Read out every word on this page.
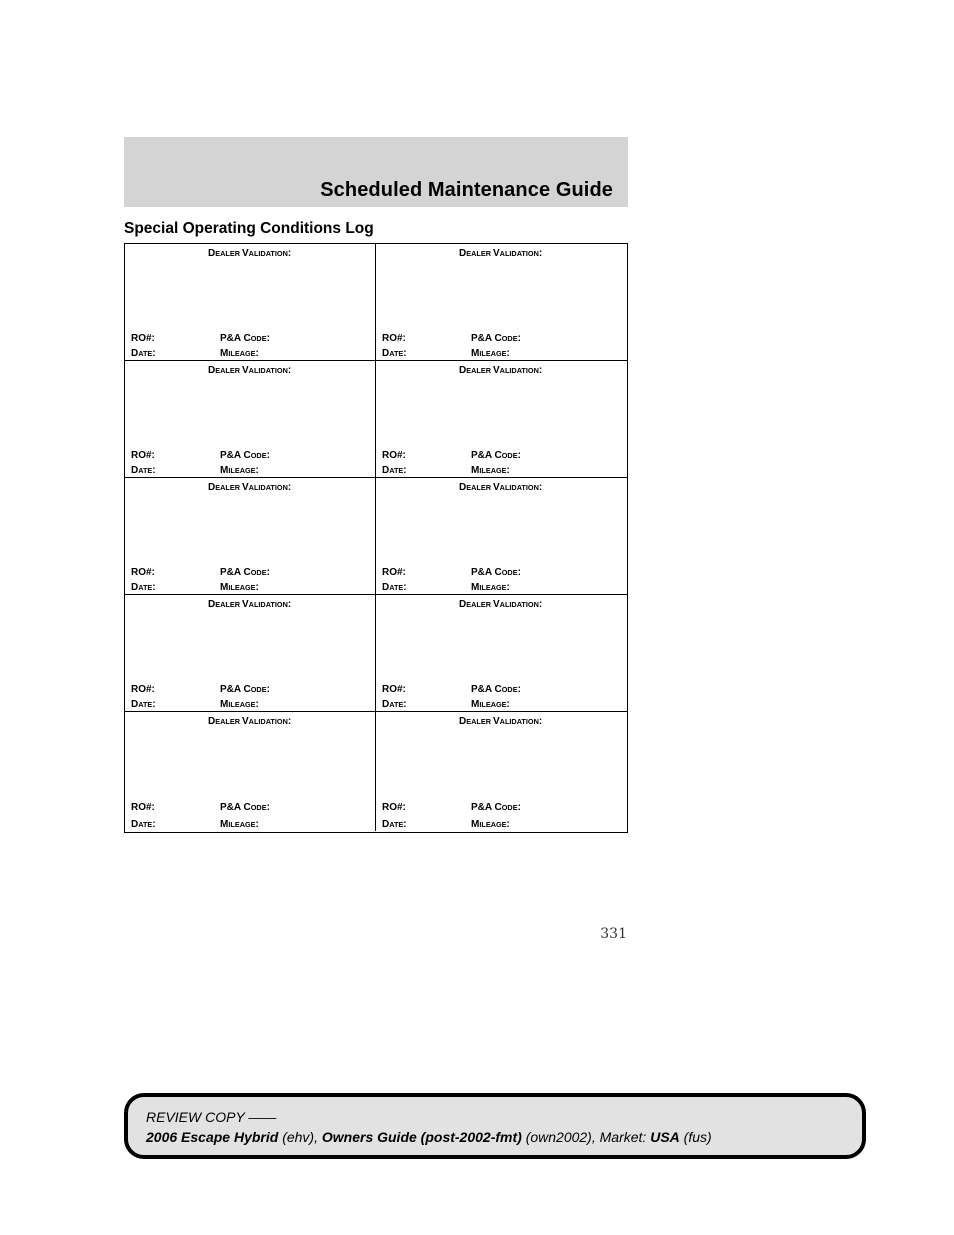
Scheduled Maintenance Guide
Special Operating Conditions Log
DEALER VALIDATION:
RO#:	P&A CODE:
DATE:	MILEAGE:
DEALER VALIDATION:
RO#:	P&A CODE:
DATE:	MILEAGE:
DEALER VALIDATION:
RO#:	P&A CODE:
DATE:	MILEAGE:
DEALER VALIDATION:
RO#:	P&A CODE:
DATE:	MILEAGE:
DEALER VALIDATION:
RO#:	P&A CODE:
DATE:	MILEAGE:
DEALER VALIDATION:
RO#:	P&A CODE:
DATE:	MILEAGE:
DEALER VALIDATION:
RO#:	P&A CODE:
DATE:	MILEAGE:
DEALER VALIDATION:
RO#:	P&A CODE:
DATE:	MILEAGE:
DEALER VALIDATION:
RO#:	P&A CODE:
DATE:	MILEAGE:
DEALER VALIDATION:
RO#:	P&A CODE:
DATE:	MILEAGE:
331
REVIEW COPY ——
2006 Escape Hybrid (ehv), Owners Guide (post-2002-fmt) (own2002), Market: USA (fus)
